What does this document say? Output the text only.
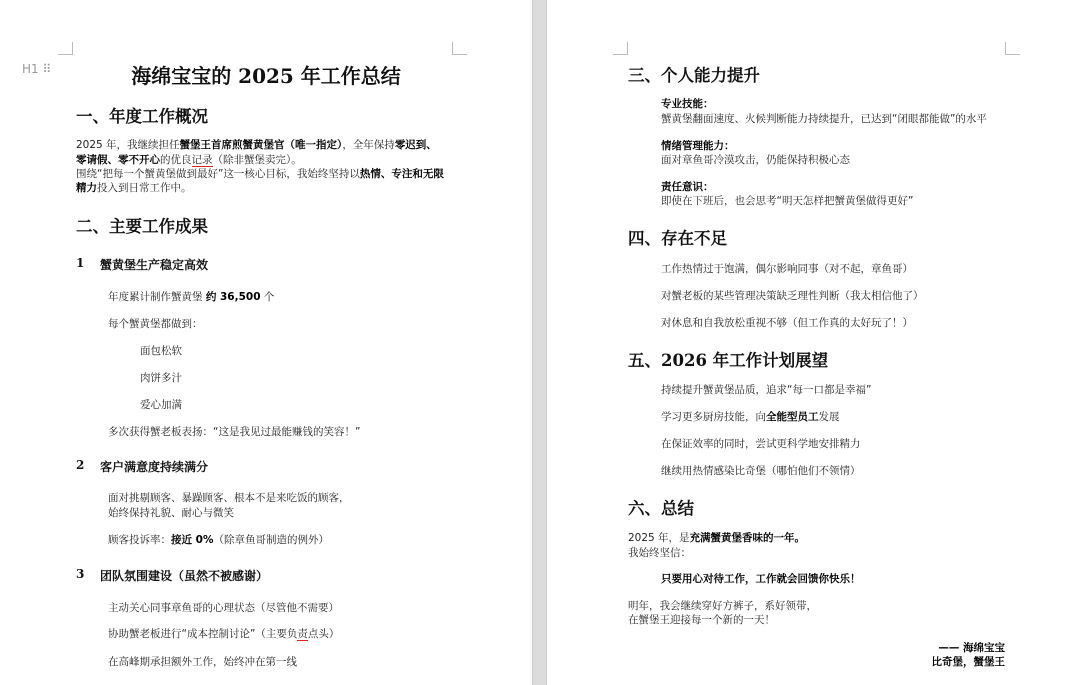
H1 ⠿	海绵宝宝的 2025 年工作总结
一、年度工作概况
二、主要工作成果
1 蟹黄堡生产稳定高效
2 客户满意度持续满分
3 团队氛围建设（虽然不被感谢）
2025 年，我继续担任蟹堡王首席煎蟹黄堡官（唯一指定），全年保持零迟到、
零请假、零不开心的优良记录（除非蟹堡卖完）。
围绕“把每一个蟹黄堡做到最好”这一核心目标，我始终坚持以热情、专注和无限
精力投入到日常工作中。
年度累计制作蟹黄堡 约 36,500 个
每个蟹黄堡都做到：
面包松软
肉饼多汁
爱心加满
多次获得蟹老板表扬：“这是我见过最能赚钱的笑容！”
面对挑剔顾客、暴躁顾客、根本不是来吃饭的顾客，
始终保持礼貌、耐心与微笑
顾客投诉率：接近 0%（除章鱼哥制造的例外）
主动关心同事章鱼哥的心理状态（尽管他不需要）
协助蟹老板进行“成本控制讨论”（主要负责点头）
在高峰期承担额外工作，始终冲在第一线
三、个人能力提升
四、存在不足
五、2026 年工作计划展望
六、总结
—— 海绵宝宝
比奇堡，蟹堡王
专业技能：
蟹黄堡翻面速度、火候判断能力持续提升，已达到“闭眼都能做”的水平
情绪管理能力：
面对章鱼哥冷漠攻击，仍能保持积极心态
责任意识：
即使在下班后，也会思考“明天怎样把蟹黄堡做得更好”
工作热情过于饱满，偶尔影响同事（对不起，章鱼哥）
对蟹老板的某些管理决策缺乏理性判断（我太相信他了）
对休息和自我放松重视不够（但工作真的太好玩了！）
持续提升蟹黄堡品质，追求“每一口都是幸福”
学习更多厨房技能，向全能型员工发展
在保证效率的同时，尝试更科学地安排精力
继续用热情感染比奇堡（哪怕他们不领情）
2025 年，是充满蟹黄堡香味的一年。
我始终坚信：
只要用心对待工作，工作就会回馈你快乐！
明年，我会继续穿好方裤子，系好领带，
在蟹堡王迎接每一个新的一天！
